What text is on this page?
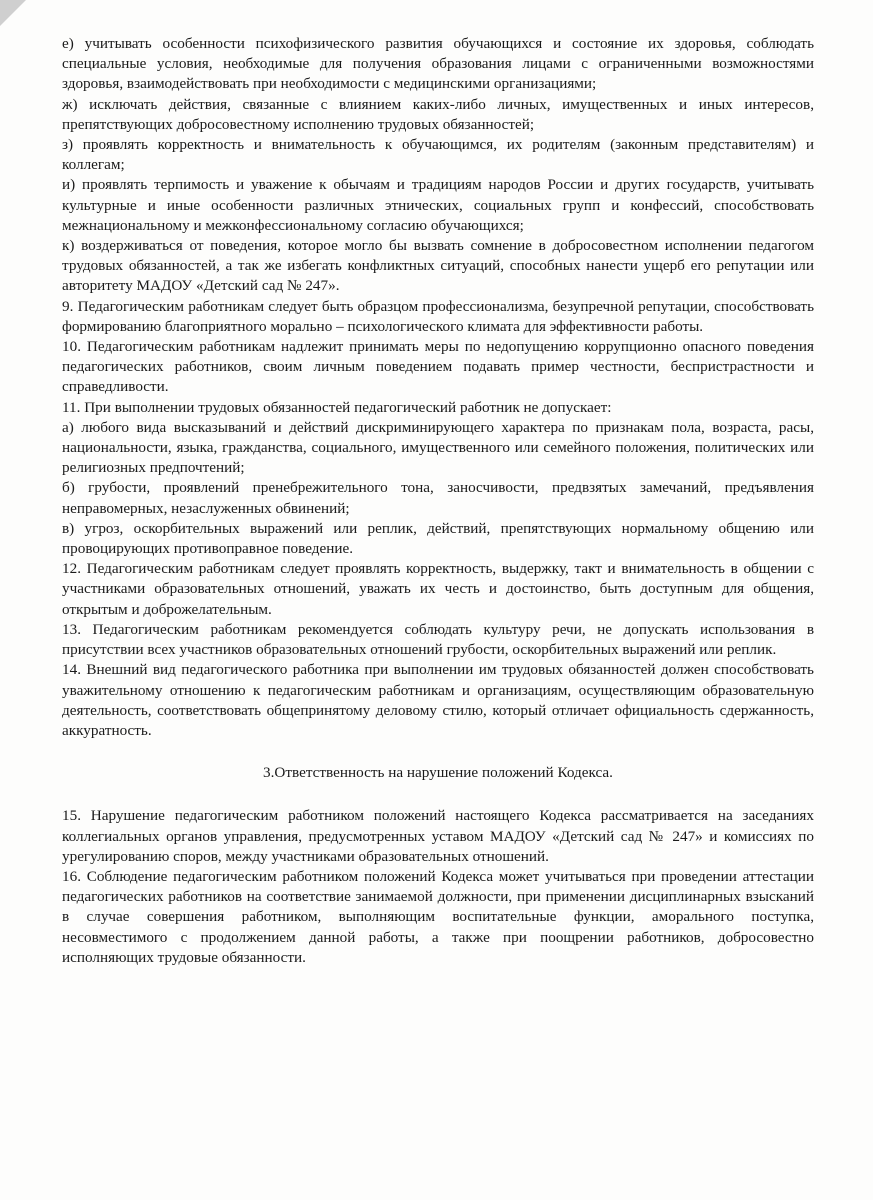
е) учитывать особенности психофизического развития обучающихся и состояние их здоровья, соблюдать специальные условия, необходимые для получения образования лицами с ограниченными возможностями здоровья, взаимодействовать при необходимости с медицинскими организациями;

ж) исключать действия, связанные с влиянием каких-либо личных, имущественных и иных интересов, препятствующих добросовестному исполнению трудовых обязанностей;

з) проявлять корректность и внимательность к обучающимся, их родителям (законным представителям) и коллегам;

и) проявлять терпимость и уважение к обычаям и традициям народов России и других государств, учитывать культурные и иные особенности различных этнических, социальных групп и конфессий, способствовать межнациональному и межконфессиональному согласию обучающихся;

к) воздерживаться от поведения, которое могло бы вызвать сомнение в добросовестном исполнении педагогом трудовых обязанностей, а так же избегать конфликтных ситуаций, способных нанести ущерб его репутации или авторитету МАДОУ «Детский сад № 247».

9. Педагогическим работникам следует быть образцом профессионализма, безупречной репутации, способствовать формированию благоприятного морально – психологического климата для эффективности работы.

10. Педагогическим работникам надлежит принимать меры по недопущению коррупционно опасного поведения педагогических работников, своим личным поведением подавать пример честности, беспристрастности и справедливости.

11. При выполнении трудовых обязанностей педагогический работник не допускает:

а) любого вида высказываний и действий дискриминирующего характера по признакам пола, возраста, расы, национальности, языка, гражданства, социального, имущественного или семейного положения, политических или религиозных предпочтений;

б) грубости, проявлений пренебрежительного тона, заносчивости, предвзятых замечаний, предъявления неправомерных, незаслуженных обвинений;

в) угроз, оскорбительных выражений или реплик, действий, препятствующих нормальному общению или провоцирующих противоправное поведение.

12. Педагогическим работникам следует проявлять корректность, выдержку, такт и внимательность в общении с участниками образовательных отношений, уважать их честь и достоинство, быть доступным для общения, открытым и доброжелательным.

13. Педагогическим работникам рекомендуется соблюдать культуру речи, не допускать использования в присутствии всех участников образовательных отношений грубости, оскорбительных выражений или реплик.

14. Внешний вид педагогического работника при выполнении им трудовых обязанностей должен способствовать уважительному отношению к педагогическим работникам и организациям, осуществляющим образовательную деятельность, соответствовать общепринятому деловому стилю, который отличает официальность сдержанность, аккуратность.

3.Ответственность на нарушение положений Кодекса.

15. Нарушение педагогическим работником положений настоящего Кодекса рассматривается на заседаниях коллегиальных органов управления, предусмотренных уставом МАДОУ «Детский сад № 247» и комиссиях по урегулированию споров, между участниками образовательных отношений.

16. Соблюдение педагогическим работником положений Кодекса может учитываться при проведении аттестации педагогических работников на соответствие занимаемой должности, при применении дисциплинарных взысканий в случае совершения работником, выполняющим воспитательные функции, аморального поступка, несовместимого с продолжением данной работы, а также при поощрении работников, добросовестно исполняющих трудовые обязанности.
